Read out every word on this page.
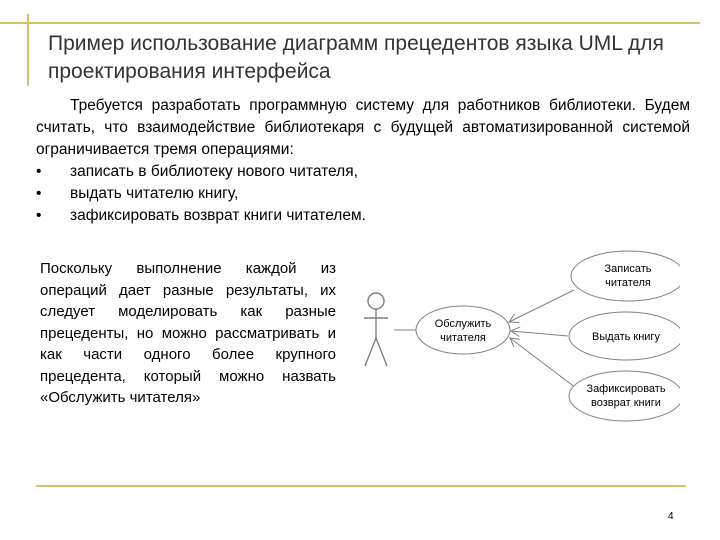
Пример использование диаграмм прецедентов языка UML для проектирования интерфейса

Требуется разработать программную систему для работников библиотеки. Будем считать, что взаимодействие библиотекаря с будущей автоматизированной системой ограничивается тремя операциями:

• записать в библиотеку нового читателя,
• выдать читателю книгу,
• зафиксировать возврат книги читателем.
Поскольку выполнение каждой из операций дает разные результаты, их следует моделировать как разные прецеденты, но можно рассматривать и как части одного более крупного прецедента, который можно назвать «Обслужить читателя»
Обслужить
читателя
Записать
читателя
Выдать книгу
Зафиксировать
возврат книги
4
